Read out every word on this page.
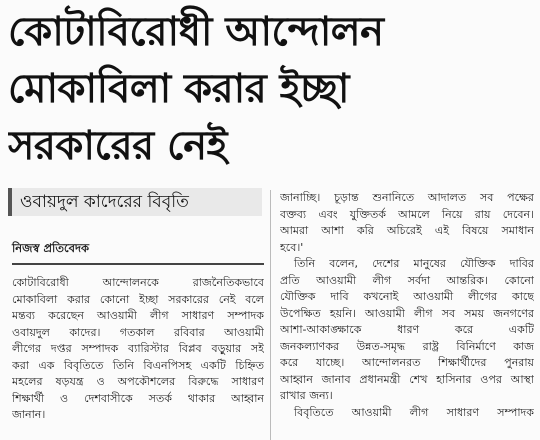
কোটাবিরোধী আন্দোলন
মোকাবিলা করার ইচ্ছা
সরকারের নেই
ওবায়দুল কাদেরের বিবৃতি
নিজস্ব প্রতিবেদক
কোটাবিরোধী আন্দোলনকে রাজনৈতিকভাবে
মোকাবিলা করার কোনো ইচ্ছা সরকারের নেই বলে
মন্তব্য করেছেন আওয়ামী লীগ সাধারণ সম্পাদক
ওবায়দুল কাদের। গতকাল রবিবার আওয়ামী
লীগের দপ্তর সম্পাদক ব্যারিস্টার বিপ্লব বড়ুয়ার সই
করা এক বিবৃতিতে তিনি বিএনপিসহ একটি চিহ্নিত
মহলের ষড়যন্ত্র ও অপকৌশলের বিরুদ্ধে সাধারণ
শিক্ষার্থী ও দেশবাসীকে সতর্ক থাকার আহ্বান
জানান।
জানাচ্ছি। চূড়ান্ত শুনানিতে আদালত সব পক্ষের
বক্তব্য এবং যুক্তিতর্ক আমলে নিয়ে রায় দেবেন।
আমরা আশা করি অচিরেই এই বিষয়ে সমাধান
হবে।'
তিনি বলেন, দেশের মানুষের যৌক্তিক দাবির
প্রতি আওয়ামী লীগ সর্বদা আন্তরিক। কোনো
যৌক্তিক দাবি কখনোই আওয়ামী লীগের কাছে
উপেক্ষিত হয়নি। আওয়ামী লীগ সব সময় জনগণের
আশা-আকাঙ্ক্ষাকে ধারণ করে একটি
জনকল্যাণকর উন্নত-সমৃদ্ধ রাষ্ট্র বিনির্মাণে কাজ
করে যাচ্ছে। আন্দোলনরত শিক্ষার্থীদের পুনরায়
আহ্বান জানাব প্রধানমন্ত্রী শেখ হাসিনার ওপর আস্থা
রাখার জন্য।
বিবৃতিতে আওয়ামী লীগ সাধারণ সম্পাদক
